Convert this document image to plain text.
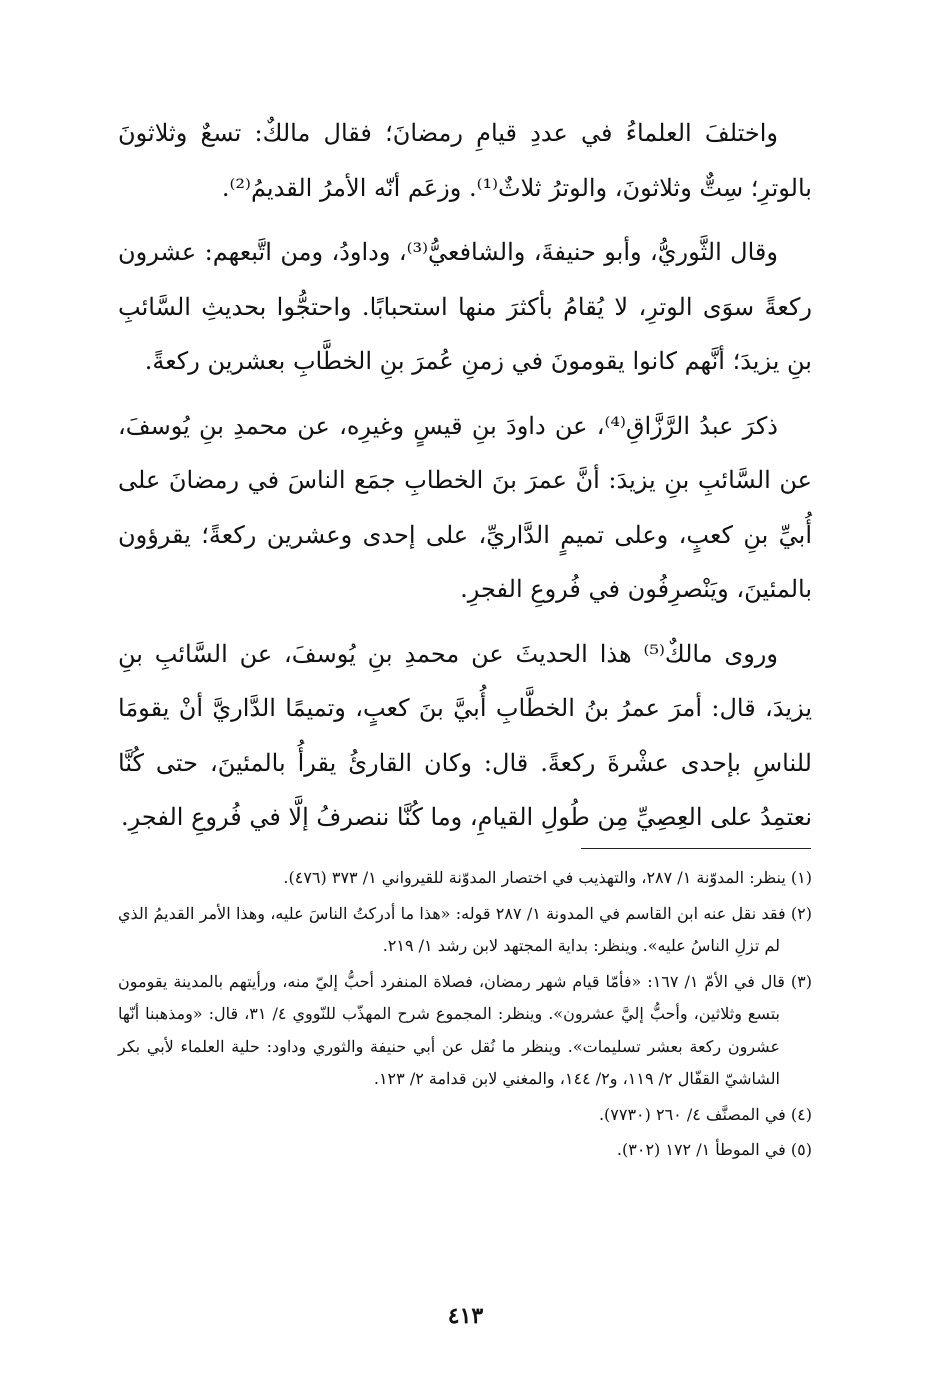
واختلفَ العلماءُ في عددِ قيامِ رمضانَ؛ فقال مالكٌ: تسعٌ وثلاثونَ بالوترِ؛ سِتٌّ وثلاثونَ، والوترُ ثلاثٌ⁽¹⁾. وزعَم أنّه الأمرُ القديمُ⁽²⁾.

وقال الثَّوريُّ، وأبو حنيفةَ، والشافعيُّ⁽³⁾، وداودُ، ومن اتَّبعهم: عشرون ركعةً سوَى الوترِ، لا يُقامُ بأكثرَ منها استحبابًا. واحتجُّوا بحديثِ السَّائبِ بنِ يزيدَ؛ أنَّهم كانوا يقومونَ في زمنِ عُمرَ بنِ الخطَّابِ بعشرين ركعةً.

ذكرَ عبدُ الرَّزَّاقِ⁽⁴⁾، عن داودَ بنِ قيسٍ وغيرِه، عن محمدِ بنِ يُوسفَ، عن السَّائبِ بنِ يزيدَ: أنَّ عمرَ بنَ الخطابِ جمَع الناسَ في رمضانَ على أُبيِّ بنِ كعبٍ، وعلى تميمٍ الدَّاريِّ، على إحدى وعشرين ركعةً؛ يقرؤون بالمئينَ، ويَنْصرِفُون في فُروعِ الفجرِ.

وروى مالكٌ⁽⁵⁾ هذا الحديثَ عن محمدِ بنِ يُوسفَ، عن السَّائبِ بنِ يزيدَ، قال: أمرَ عمرُ بنُ الخطَّابِ أُبيَّ بنَ كعبٍ، وتميمًا الدَّاريَّ أنْ يقومَا للناسِ بإحدى عشْرةَ ركعةً. قال: وكان القارئُ يقرأُ بالمئينَ، حتى كُنَّا نعتمِدُ على العِصِيِّ مِن طُولِ القيامِ، وما كُنَّا ننصرفُ إلَّا في فُروعِ الفجرِ.

(١) ينظر: المدوّنة ١/ ٢٨٧، والتهذيب في اختصار المدوّنة للقيرواني ١/ ٣٧٣ (٤٧٦).

(٢) فقد نقل عنه ابن القاسم في المدونة ١/ ٢٨٧ قوله: «هذا ما أدركتُ الناسَ عليه، وهذا الأمر القديمُ الذي لم تزلِ الناسُ عليه». وينظر: بداية المجتهد لابن رشد ١/ ٢١٩.

(٣) قال في الأمّ ١/ ١٦٧: «فأمّا قيام شهر رمضان، فصلاة المنفرد أحبُّ إليّ منه، ورأيتهم بالمدينة يقومون بتسع وثلاثين، وأحبُّ إليَّ عشرون». وينظر: المجموع شرح المهذّب للنّووي ٤/ ٣١، قال: «ومذهبنا أنّها عشرون ركعة بعشر تسليمات». وينظر ما نُقل عن أبي حنيفة والثوري وداود: حلية العلماء لأبي بكر الشاشيّ القفّال ٢/ ١١٩، و٢/ ١٤٤، والمغني لابن قدامة ٢/ ١٢٣.

(٤) في المصنَّف ٤/ ٢٦٠ (٧٧٣٠).

(٥) في الموطأ ١/ ١٧٢ (٣٠٢).

٤١٣
